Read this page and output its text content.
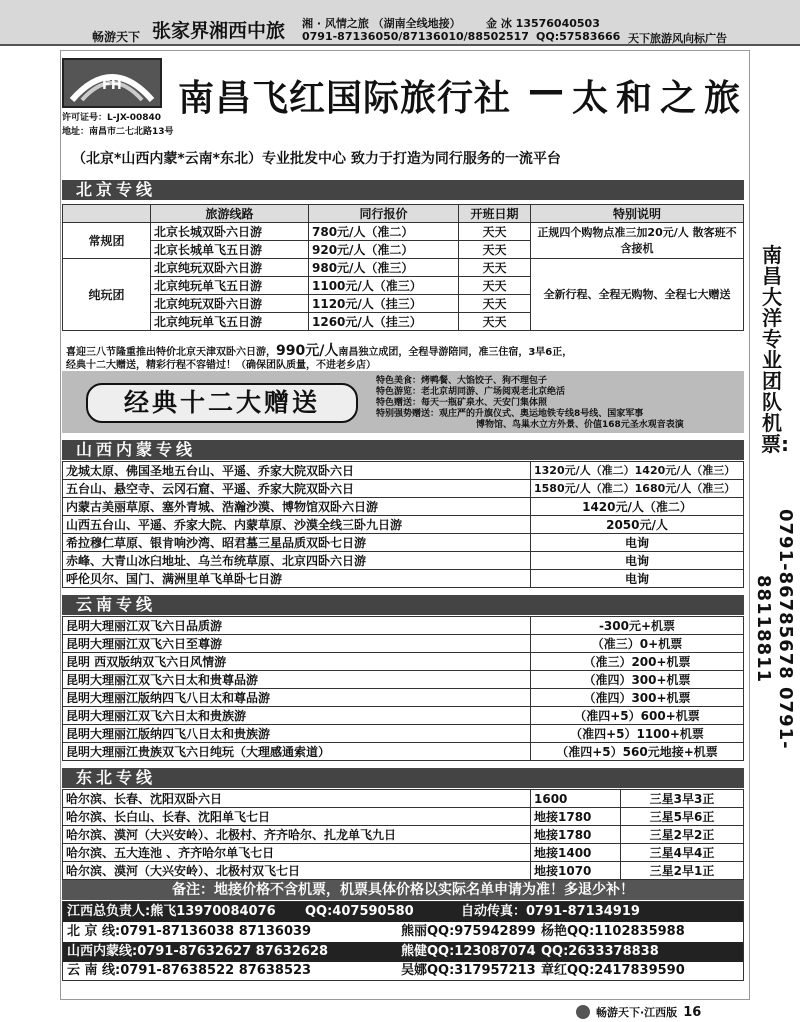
畅游天下 张家界湘西中旅 湘 · 风情之旅 （湖南全线地接） 金 冰 13576040503
0791-87136050/87136010/88502517 QQ:57583666 天下旅游风向标广告
FH
许可证号：L-JX-00840
地址：南昌市二七北路13号
南昌飞红国际旅行社 — 太和之旅
（北京*山西内蒙*云南*东北）专业批发中心 致力于打造为同行服务的一流平台
北京专线
	旅游线路	同行报价	开班日期	特别说明
常规团	北京长城双卧六日游	780元/人（准二）	天天	正规四个购物点准三加20元/人 散客班不含接机
	北京长城单飞五日游	920元/人（准二）	天天	
纯玩团	北京纯玩双卧六日游	980元/人（准三）	天天	全新行程、全程无购物、全程七大赠送
	北京纯玩单飞五日游	1100元/人（准三）	天天	
	北京纯玩双卧六日游	1120元/人（挂三）	天天	
	北京纯玩单飞五日游	1260元/人（挂三）	天天	
喜迎三八节隆重推出特价北京天津双卧六日游，990元/人南昌独立成团，全程导游陪同，准三住宿，3早6正，
经典十二大赠送，精彩行程不容错过！（确保团队质量，不进老乡店）
经典十二大赠送
特色美食：烤鸭餐、大馅饺子、狗不理包子
特色游览：老北京胡同游、广场阅观老北京绝活
特色赠送：每天一瓶矿泉水、天安门集体照
特别强势赠送：观庄严的升旗仪式、奥运地铁专线8号线、国家军事
博物馆、鸟巢水立方外景、价值168元圣水观音表演
山西内蒙专线
龙城太原、佛国圣地五台山、平遥、乔家大院双卧六日	1320元/人（准二）1420元/人（准三）
五台山、悬空寺、云冈石窟、平遥、乔家大院双卧六日	1580元/人（准二）1680元/人（准三）
内蒙古美丽草原、塞外青城、浩瀚沙漠、博物馆双卧六日游	1420元/人（准二）
山西五台山、平遥、乔家大院、内蒙草原、沙漠全线三卧九日游	2050元/人
希拉穆仁草原、银肯响沙湾、昭君墓三星品质双卧七日游	电询
赤峰、大青山冰臼地址、乌兰布统草原、北京四卧六日游	电询
呼伦贝尔、国门、满洲里单飞单卧七日游	电询
云南专线
昆明大理丽江双飞六日品质游	-300元+机票
昆明大理丽江双飞六日至尊游	（准三）0+机票
昆明 西双版纳双飞六日风情游	（准三）200+机票
昆明大理丽江双飞六日太和贵尊品游	（准四）300+机票
昆明大理丽江版纳四飞八日太和尊品游	（准四）300+机票
昆明大理丽江双飞六日太和贵族游	（准四+5）600+机票
昆明大理丽江版纳四飞八日太和贵族游	（准四+5）1100+机票
昆明大理丽江贵族双飞六日纯玩（大理感通索道）	（准四+5）560元地接+机票
东北专线
哈尔滨、长春、沈阳双卧六日	1600	三星3早3正
哈尔滨、长白山、长春、沈阳单飞七日	地接1780	三星5早6正
哈尔滨、漠河（大兴安岭）、北极村、齐齐哈尔、扎龙单飞九日	地接1780	三星2早2正
哈尔滨、五大连池 、齐齐哈尔单飞七日	地接1400	三星4早4正
哈尔滨、漠河（大兴安岭）、北极村双飞七日	地接1070	三星2早1正
备注：地接价格不含机票，机票具体价格以实际名单申请为准！多退少补！
江西总负责人:熊飞13970084076	QQ:407590580	自动传真：0791-87134919
北 京 线:0791-87136038 87136039	熊丽QQ:975942899 杨艳QQ:1102835988
山西内蒙线:0791-87632627 87632628	熊健QQ:123087074 QQ:2633378838
云 南 线:0791-87638522 87638523	吴娜QQ:317957213 章红QQ:2417839590
南昌大洋专业团队机票:
0791-86785678 0791-88118811
畅游天下·江西版 16
